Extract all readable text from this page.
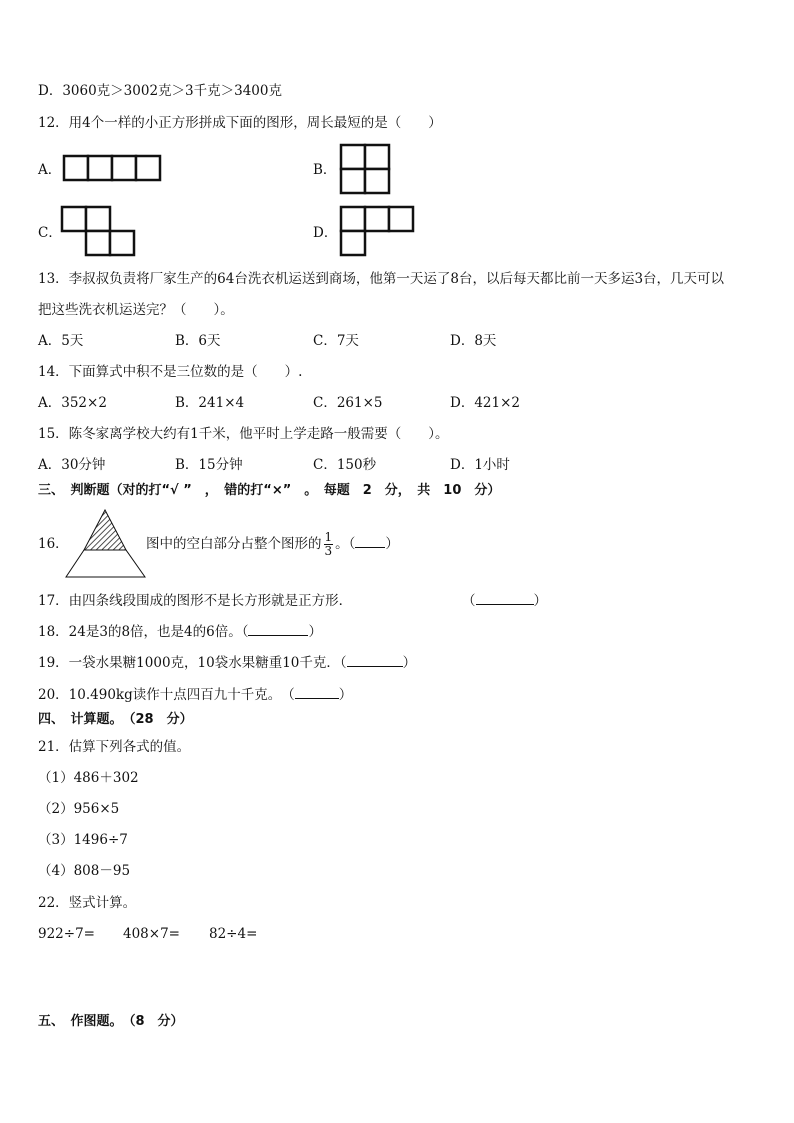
D．3060克＞3002克＞3千克＞3400克
12．用4个一样的小正方形拼成下面的图形，周长最短的是（　　）
A．	B．
C．	D．
13．李叔叔负责将厂家生产的64台洗衣机运送到商场，他第一天运了8台，以后每天都比前一天多运3台，几天可以
把这些洗衣机运送完？（　　）。
A．5天	B．6天	C．7天	D．8天
14．下面算式中积不是三位数的是（　　）.
A．352×2	B．241×4	C．261×5	D．421×2
15．陈冬家离学校大约有1千米，他平时上学走路一般需要（　　）。
A．30分钟	B．15分钟	C．150秒	D．1小时
三、　判断题（对的打“√ ”　，　错的打“×”　。　每题　2　分，　共　10　分）
16．	图中的空白部分占整个图形的 $\frac{1}{3}$ 。（ ）
17．由四条线段围成的图形不是长方形就是正方形．	（	）
18．24是3的8倍，也是4的6倍。（	）
19．一袋水果糖1000克，10袋水果糖重10千克．（	）
20．10.490kg读作十点四百九十千克。　（	）
四、　计算题。　（28　分）
21．估算下列各式的值。
（1）486＋302
（2）956×5
（3）1496÷7
（4）808－95
22．竖式计算。
922÷7= 408×7= 82÷4=
五、　作图题。　（8　分）
